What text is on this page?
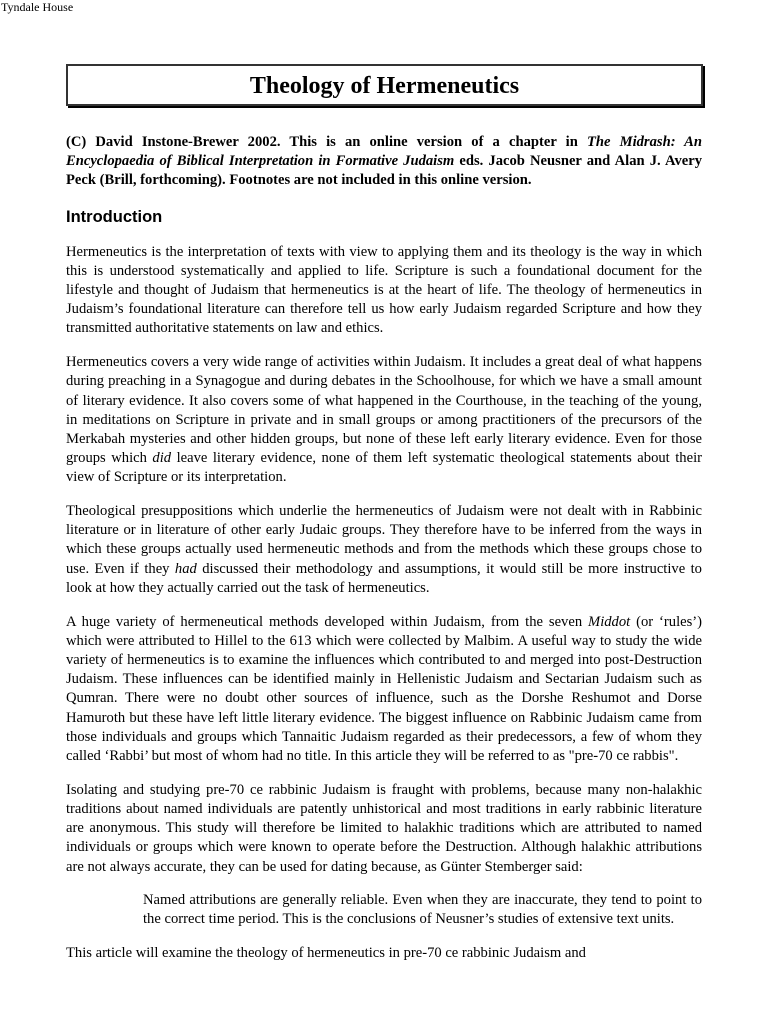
Tyndale House
Theology of Hermeneutics

(C) David Instone-Brewer 2002. This is an online version of a chapter in The Midrash: An Encyclopaedia of Biblical Interpretation in Formative Judaism eds. Jacob Neusner and Alan J. Avery Peck (Brill, forthcoming). Footnotes are not included in this online version.

Introduction

Hermeneutics is the interpretation of texts with view to applying them and its theology is the way in which this is understood systematically and applied to life. Scripture is such a foundational document for the lifestyle and thought of Judaism that hermeneutics is at the heart of life. The theology of hermeneutics in Judaism’s foundational literature can therefore tell us how early Judaism regarded Scripture and how they transmitted authoritative statements on law and ethics.

Hermeneutics covers a very wide range of activities within Judaism. It includes a great deal of what happens during preaching in a Synagogue and during debates in the Schoolhouse, for which we have a small amount of literary evidence. It also covers some of what happened in the Courthouse, in the teaching of the young, in meditations on Scripture in private and in small groups or among practitioners of the precursors of the Merkabah mysteries and other hidden groups, but none of these left early literary evidence. Even for those groups which did leave literary evidence, none of them left systematic theological statements about their view of Scripture or its interpretation.

Theological presuppositions which underlie the hermeneutics of Judaism were not dealt with in Rabbinic literature or in literature of other early Judaic groups. They therefore have to be inferred from the ways in which these groups actually used hermeneutic methods and from the methods which these groups chose to use. Even if they had discussed their methodology and assumptions, it would still be more instructive to look at how they actually carried out the task of hermeneutics.

A huge variety of hermeneutical methods developed within Judaism, from the seven Middot (or ‘rules’) which were attributed to Hillel to the 613 which were collected by Malbim. A useful way to study the wide variety of hermeneutics is to examine the influences which contributed to and merged into post-Destruction Judaism. These influences can be identified mainly in Hellenistic Judaism and Sectarian Judaism such as Qumran. There were no doubt other sources of influence, such as the Dorshe Reshumot and Dorse Hamuroth but these have left little literary evidence. The biggest influence on Rabbinic Judaism came from those individuals and groups which Tannaitic Judaism regarded as their predecessors, a few of whom they called ‘Rabbi’ but most of whom had no title. In this article they will be referred to as "pre-70 ce rabbis".

Isolating and studying pre-70 ce rabbinic Judaism is fraught with problems, because many non-halakhic traditions about named individuals are patently unhistorical and most traditions in early rabbinic literature are anonymous. This study will therefore be limited to halakhic traditions which are attributed to named individuals or groups which were known to operate before the Destruction. Although halakhic attributions are not always accurate, they can be used for dating because, as Günter Stemberger said:

Named attributions are generally reliable. Even when they are inaccurate, they tend to point to the correct time period. This is the conclusions of Neusner’s studies of extensive text units.

This article will examine the theology of hermeneutics in pre-70 ce rabbinic Judaism and
